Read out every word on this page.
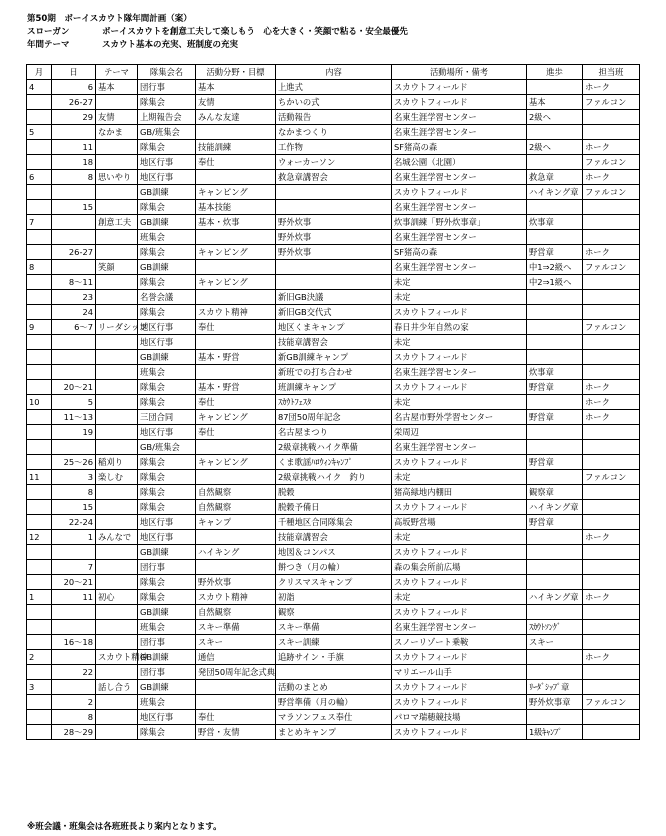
第50期　ボーイスカウト隊年間計画（案）
スローガン	ボーイスカウトを創意工夫して楽しもう　心を大きく・笑顔で粘る・安全最優先
年間テーマ	スカウト基本の充実、班制度の充実
月	日	テーマ	隊集会名	活動分野・目標	内容	活動場所・備考	進歩	担当班
4	6	基本	団行事	基本	上進式	スカウトフィールド		ホーク
	26-27		隊集会	友情	ちかいの式	スカウトフィールド	基本	ファルコン
	29	友情	上期報告会	みんな友達	活動報告	名東生涯学習センター	2級へ	
5		なかま	GB/班集会		なかまつくり	名東生涯学習センター		
	11		隊集会	技能訓練	工作物	SF猪高の森	2級へ	ホーク
	18		地区行事	奉仕	ウォーカーソン	名城公園（北園）		ファルコン
6	8	思いやり	地区行事		救急章講習会	名東生涯学習センター	救急章	ホーク
			GB訓練	キャンピング		スカウトフィールド	ハイキング章	ファルコン
	15		隊集会	基本技能		名東生涯学習センター		
7		創意工夫	GB訓練	基本・炊事	野外炊事	炊事訓練「野外炊事章」	炊事章	
			班集会		野外炊事	名東生涯学習センター		
	26-27		隊集会	キャンピング	野外炊事	SF猪高の森	野営章	ホーク
8		笑顔	GB訓練			名東生涯学習センター	中1⇒2級へ	ファルコン
	8～11		隊集会	キャンピング		未定	中2⇒1級へ	
	23		名誉会議		新旧GB決議	未定		
	24		隊集会	スカウト精神	新旧GB交代式	スカウトフィールド		
9	6～7	リーダシップ	地区行事	奉仕	地区くまキャンプ	春日井少年自然の家		ファルコン
			地区行事		技能章講習会	未定		
			GB訓練	基本・野営	新GB訓練キャンプ	スカウトフィールド		
			班集会		新班での打ち合わせ	名東生涯学習センター	炊事章	
	20～21		隊集会	基本・野営	班訓練キャンプ	スカウトフィールド	野営章	ホーク
10	5		隊集会	奉仕	ｽｶｳﾄﾌｪｽﾀ	未定		ホーク
	11～13		三団合同	キャンピング	87団50周年記念	名古屋市野外学習センター	野営章	ホーク
	19		地区行事	奉仕	名古屋まつり	栄周辺		
			GB/班集会		2級章挑戦ハイク準備	名東生涯学習センター		
	25～26	稲刈り	隊集会	キャンピング	くま歌謡ﾊﾛｳｨﾝｷｬﾝﾌﾟ	スカウトフィールド	野営章	
11	3	楽しむ	隊集会		2級章挑戦ハイク　釣り	未定		ファルコン
	8		隊集会	自然観察	脱穀	猪高緑地内棚田	観察章	
	15		隊集会	自然観察	脱穀予備日	スカウトフィールド	ハイキング章	
	22-24		地区行事	キャンプ	千種地区合同隊集会	高坂野営場	野営章	
12	1	みんなで	地区行事		技能章講習会	未定		ホーク
			GB訓練	ハイキング	地図＆コンパス	スカウトフィールド		
	7		団行事		餅つき（月の輪）	森の集会所前広場		
	20～21		隊集会	野外炊事	クリスマスキャンプ	スカウトフィールド		
1	11	初心	隊集会	スカウト精神	初詣	未定	ハイキング章	ホーク
			GB訓練	自然観察	観察	スカウトフィールド		
			班集会	スキー準備	スキー準備	名東生涯学習センター	ｽｶｳﾄｿﾝｸﾞ	
	16～18		団行事	スキー	スキー訓練	スノーリゾート乗鞍	スキー	
2		スカウト精神	GB訓練	通信	追跡サイン・手旗	スカウトフィールド		ホーク
	22		団行事	発団50周年記念式典		マリエール山手		
3		話し合う	GB訓練		活動のまとめ	スカウトフィールド	ﾘｰﾀﾞｼｯﾌﾟ章	
	2		班集会		野営準備（月の輪）	スカウトフィールド	野外炊事章	ファルコン
	8		地区行事	奉仕	マラソンフェス奉仕	パロマ瑞穂競技場		
	28～29		隊集会	野営・友情	まとめキャンプ	スカウトフィールド	1級ｷｬﾝﾌﾟ	
※班会議・班集会は各班班長より案内となります。
